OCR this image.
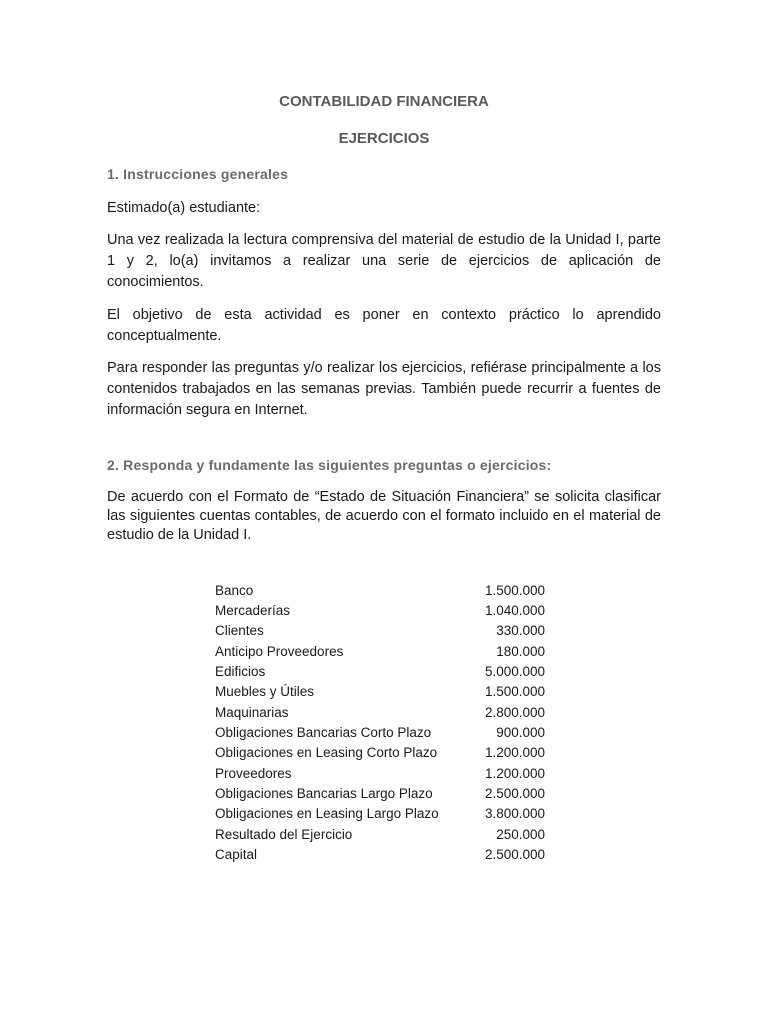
CONTABILIDAD FINANCIERA
EJERCICIOS
1. Instrucciones generales

Estimado(a) estudiante:

Una vez realizada la lectura comprensiva del material de estudio de la Unidad I, parte 1 y 2, lo(a) invitamos a realizar una serie de ejercicios de aplicación de conocimientos.

El objetivo de esta actividad es poner en contexto práctico lo aprendido conceptualmente.

Para responder las preguntas y/o realizar los ejercicios, refiérase principalmente a los contenidos trabajados en las semanas previas. También puede recurrir a fuentes de información segura en Internet.

2. Responda y fundamente las siguientes preguntas o ejercicios:

De acuerdo con el Formato de “Estado de Situación Financiera” se solicita clasificar las siguientes cuentas contables, de acuerdo con el formato incluido en el material de estudio de la Unidad I.

Banco	1.500.000
Mercaderías	1.040.000
Clientes	330.000
Anticipo Proveedores	180.000
Edificios	5.000.000
Muebles y Útiles	1.500.000
Maquinarias	2.800.000
Obligaciones Bancarias Corto Plazo	900.000
Obligaciones en Leasing Corto Plazo	1.200.000
Proveedores	1.200.000
Obligaciones Bancarias Largo Plazo	2.500.000
Obligaciones en Leasing Largo Plazo	3.800.000
Resultado del Ejercicio	250.000
Capital	2.500.000
